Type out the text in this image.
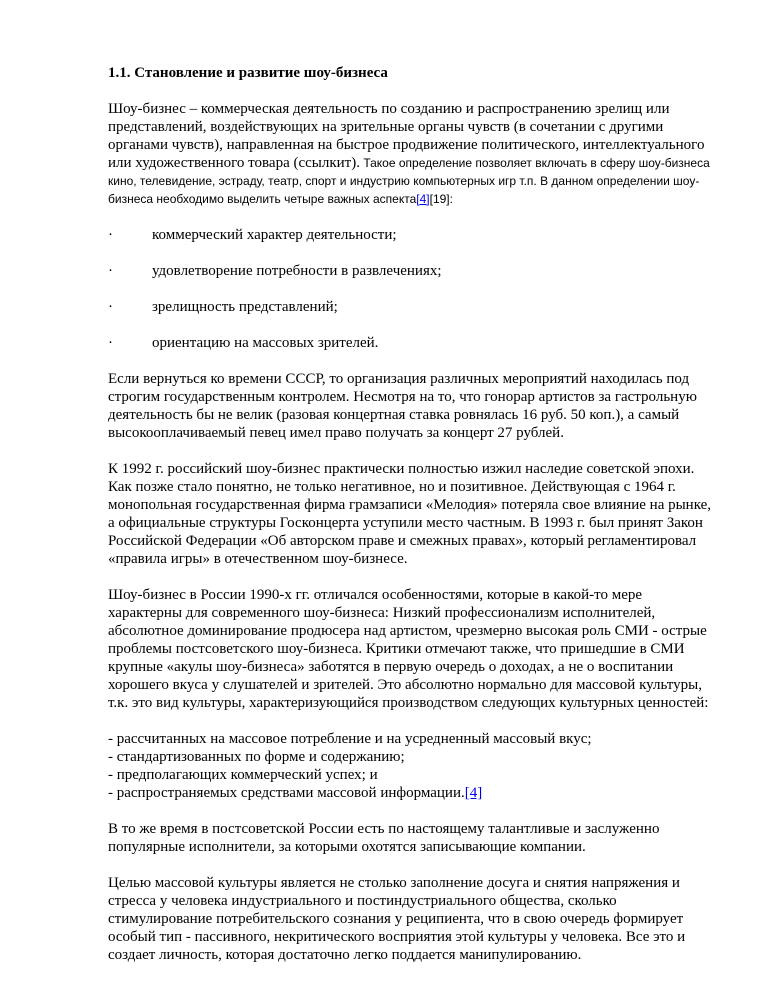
1.1. Становление и развитие шоу-бизнеса

Шоу-бизнес – коммерческая деятельность по созданию и распространению зрелищ или представлений, воздействующих на зрительные органы чувств (в сочетании с другими органами чувств), направленная на быстрое продвижение политического, интеллектуального или художественного товара (ссылкит). Такое определение позволяет включать в сферу шоу-бизнеса кино, телевидение, эстраду, театр, спорт и индустрию компьютерных игр т.п. В данном определении шоу-бизнеса необходимо выделить четыре важных аспекта[4][19]:

·	коммерческий характер деятельности;
·	удовлетворение потребности в развлечениях;
·	зрелищность представлений;
·	ориентацию на массовых зрителей.

Если вернуться ко времени СССР, то организация различных мероприятий находилась под строгим государственным контролем. Несмотря на то, что гонорар артистов за гастрольную деятельность бы не велик (разовая концертная ставка ровнялась 16 руб. 50 коп.), а самый высокооплачиваемый певец имел право получать за концерт 27 рублей.

К 1992 г. российский шоу-бизнес практически полностью изжил наследие советской эпохи. Как позже стало понятно, не только негативное, но и позитивное. Действующая с 1964 г. монопольная государственная фирма грамзаписи «Мелодия» потеряла свое влияние на рынке, а официальные структуры Госконцерта уступили место частным. В 1993 г. был принят Закон Российской Федерации «Об авторском праве и смежных правах», который регламентировал «правила игры» в отечественном шоу-бизнесе.

Шоу-бизнес в России 1990-х гг. отличался особенностями, которые в какой-то мере характерны для современного шоу-бизнеса: Низкий профессионализм исполнителей, абсолютное доминирование продюсера над артистом, чрезмерно высокая роль СМИ - острые проблемы постсоветского шоу-бизнеса. Критики отмечают также, что пришедшие в СМИ крупные «акулы шоу-бизнеса» заботятся в первую очередь о доходах, а не о воспитании хорошего вкуса у слушателей и зрителей. Это абсолютно нормально для массовой культуры, т.к. это вид культуры, характеризующийся производством следующих культурных ценностей:

- рассчитанных на массовое потребление и на усредненный массовый вкус;
- стандартизованных по форме и содержанию;
- предполагающих коммерческий успех; и
- распространяемых средствами массовой информации.[4]

В то же время в постсоветской России есть по настоящему талантливые и заслуженно популярные исполнители, за которыми охотятся записывающие компании.

Целью массовой культуры является не столько заполнение досуга и снятия напряжения и стресса у человека индустриального и постиндустриального общества, сколько стимулирование потребительского сознания у реципиента, что в свою очередь формирует особый тип - пассивного, некритического восприятия этой культуры у человека. Все это и создает личность, которая достаточно легко поддается манипулированию.
